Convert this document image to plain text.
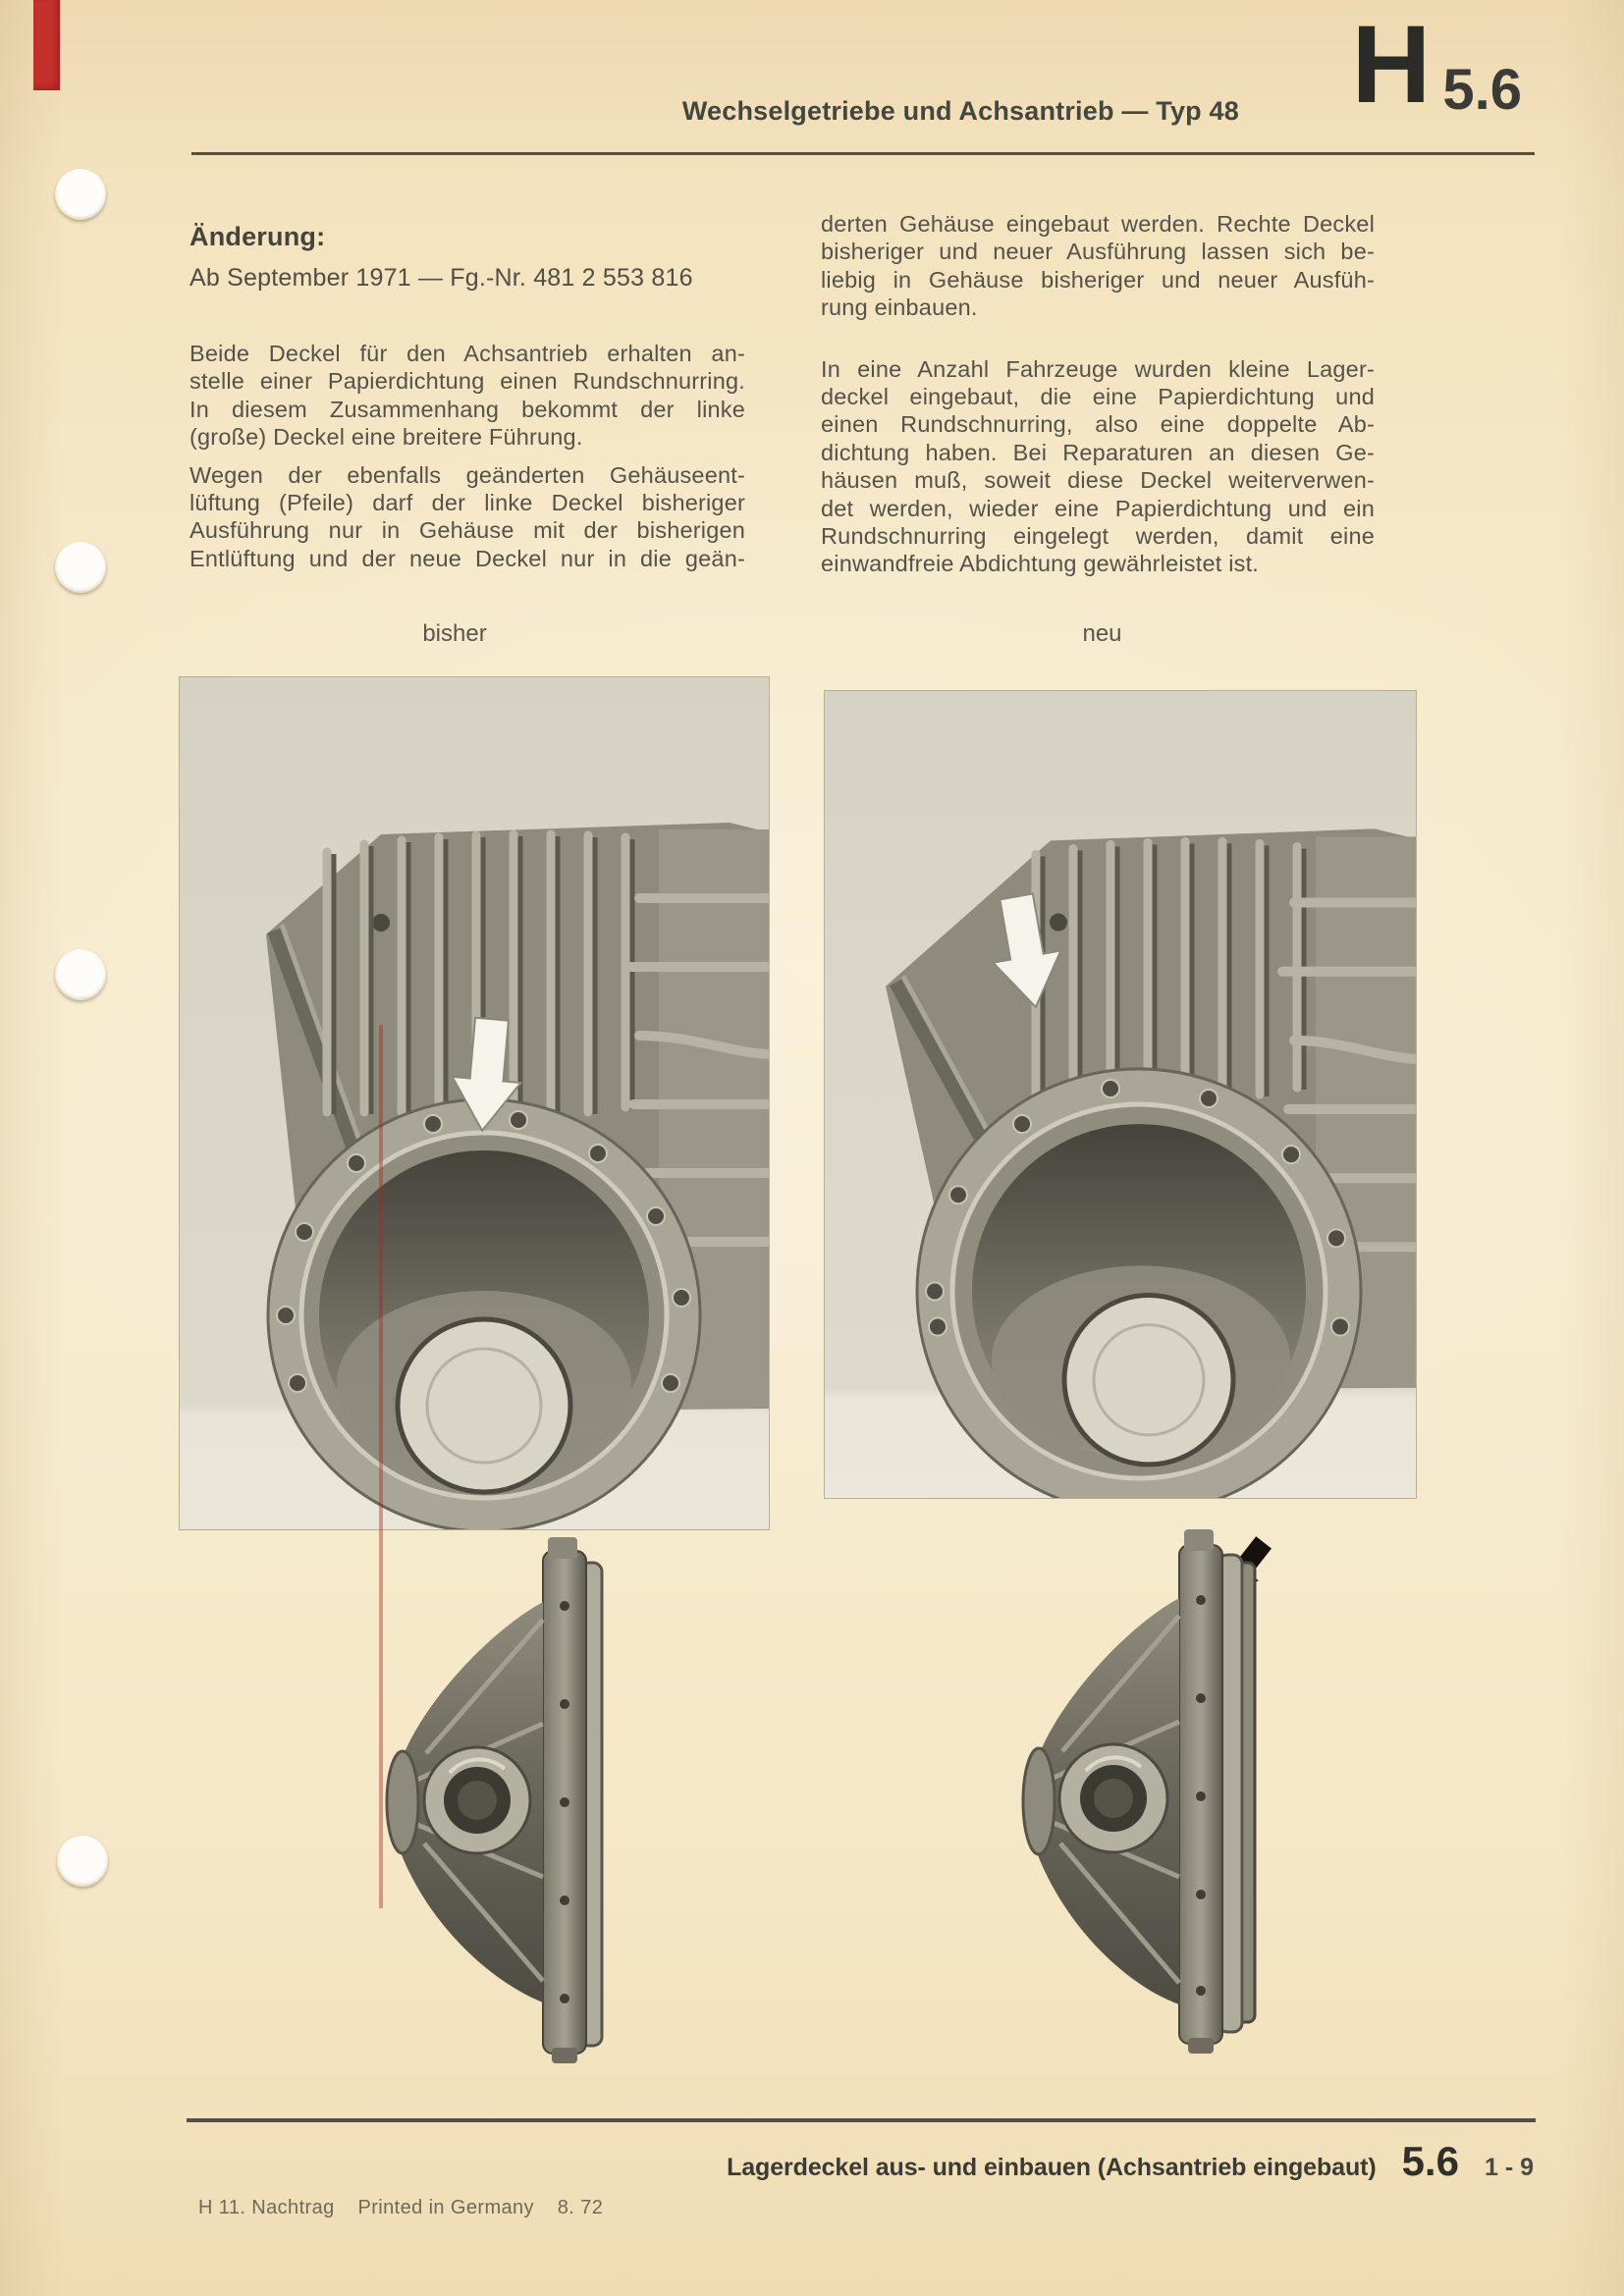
Wechselgetriebe und Achsantrieb — Typ 48 H 5.6
Änderung:
Ab September 1971 — Fg.-Nr. 481 2 553 816
Beide Deckel für den Achsantrieb erhalten an-
stelle einer Papierdichtung einen Rundschnurring.
In diesem Zusammenhang bekommt der linke
(große) Deckel eine breitere Führung.
Wegen der ebenfalls geänderten Gehäuseent-
lüftung (Pfeile) darf der linke Deckel bisheriger
Ausführung nur in Gehäuse mit der bisherigen
Entlüftung und der neue Deckel nur in die geän-
derten Gehäuse eingebaut werden. Rechte Deckel
bisheriger und neuer Ausführung lassen sich be-
liebig in Gehäuse bisheriger und neuer Ausfüh-
rung einbauen.
In eine Anzahl Fahrzeuge wurden kleine Lager-
deckel eingebaut, die eine Papierdichtung und
einen Rundschnurring, also eine doppelte Ab-
dichtung haben. Bei Reparaturen an diesen Ge-
häusen muß, soweit diese Deckel weiterverwen-
det werden, wieder eine Papierdichtung und ein
Rundschnurring eingelegt werden, damit eine
einwandfreie Abdichtung gewährleistet ist.
bisher	neu
Lagerdeckel aus- und einbauen (Achsantrieb eingebaut) 5.6 1 - 9
H 11. Nachtrag    Printed in Germany    8. 72
